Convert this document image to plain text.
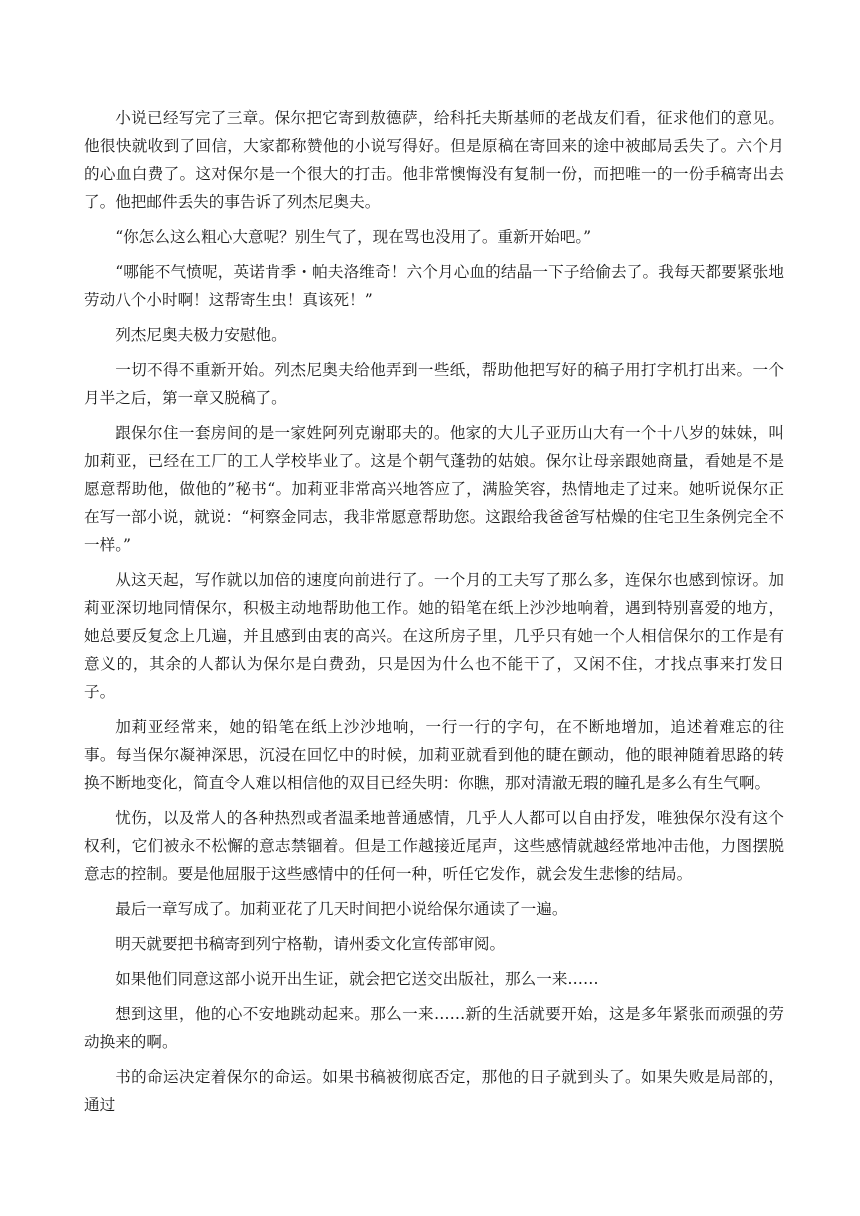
小说已经写完了三章。保尔把它寄到敖德萨，给科托夫斯基师的老战友们看，征求他们的意见。他很快就收到了回信，大家都称赞他的小说写得好。但是原稿在寄回来的途中被邮局丢失了。六个月的心血白费了。这对保尔是一个很大的打击。他非常懊悔没有复制一份，而把唯一的一份手稿寄出去了。他把邮件丢失的事告诉了列杰尼奥夫。

“你怎么这么粗心大意呢？别生气了，现在骂也没用了。重新开始吧。”

“哪能不气愤呢，英诺肯季・帕夫洛维奇！六个月心血的结晶一下子给偷去了。我每天都要紧张地劳动八个小时啊！这帮寄生虫！真该死！”

列杰尼奥夫极力安慰他。

一切不得不重新开始。列杰尼奥夫给他弄到一些纸，帮助他把写好的稿子用打字机打出来。一个月半之后，第一章又脱稿了。

跟保尔住一套房间的是一家姓阿列克谢耶夫的。他家的大儿子亚历山大有一个十八岁的妹妹，叫加莉亚，已经在工厂的工人学校毕业了。这是个朝气蓬勃的姑娘。保尔让母亲跟她商量，看她是不是愿意帮助他，做他的”秘书“。加莉亚非常高兴地答应了，满脸笑容，热情地走了过来。她听说保尔正在写一部小说，就说：“柯察金同志，我非常愿意帮助您。这跟给我爸爸写枯燥的住宅卫生条例完全不一样。”

从这天起，写作就以加倍的速度向前进行了。一个月的工夫写了那么多，连保尔也感到惊讶。加莉亚深切地同情保尔，积极主动地帮助他工作。她的铅笔在纸上沙沙地响着，遇到特别喜爱的地方，她总要反复念上几遍，并且感到由衷的高兴。在这所房子里，几乎只有她一个人相信保尔的工作是有意义的，其余的人都认为保尔是白费劲，只是因为什么也不能干了，又闲不住，才找点事来打发日子。

加莉亚经常来，她的铅笔在纸上沙沙地响，一行一行的字句，在不断地增加，追述着难忘的往事。每当保尔凝神深思，沉浸在回忆中的时候，加莉亚就看到他的睫在颤动，他的眼神随着思路的转换不断地变化，简直令人难以相信他的双目已经失明：你瞧，那对清澈无瑕的瞳孔是多么有生气啊。

忧伤，以及常人的各种热烈或者温柔地普通感情，几乎人人都可以自由抒发，唯独保尔没有这个权利，它们被永不松懈的意志禁锢着。但是工作越接近尾声，这些感情就越经常地冲击他，力图摆脱意志的控制。要是他屈服于这些感情中的任何一种，听任它发作，就会发生悲惨的结局。

最后一章写成了。加莉亚花了几天时间把小说给保尔通读了一遍。

明天就要把书稿寄到列宁格勒，请州委文化宣传部审阅。

如果他们同意这部小说开出生证，就会把它送交出版社，那么一来……

想到这里，他的心不安地跳动起来。那么一来……新的生活就要开始，这是多年紧张而顽强的劳动换来的啊。

书的命运决定着保尔的命运。如果书稿被彻底否定，那他的日子就到头了。如果失败是局部的，通过
